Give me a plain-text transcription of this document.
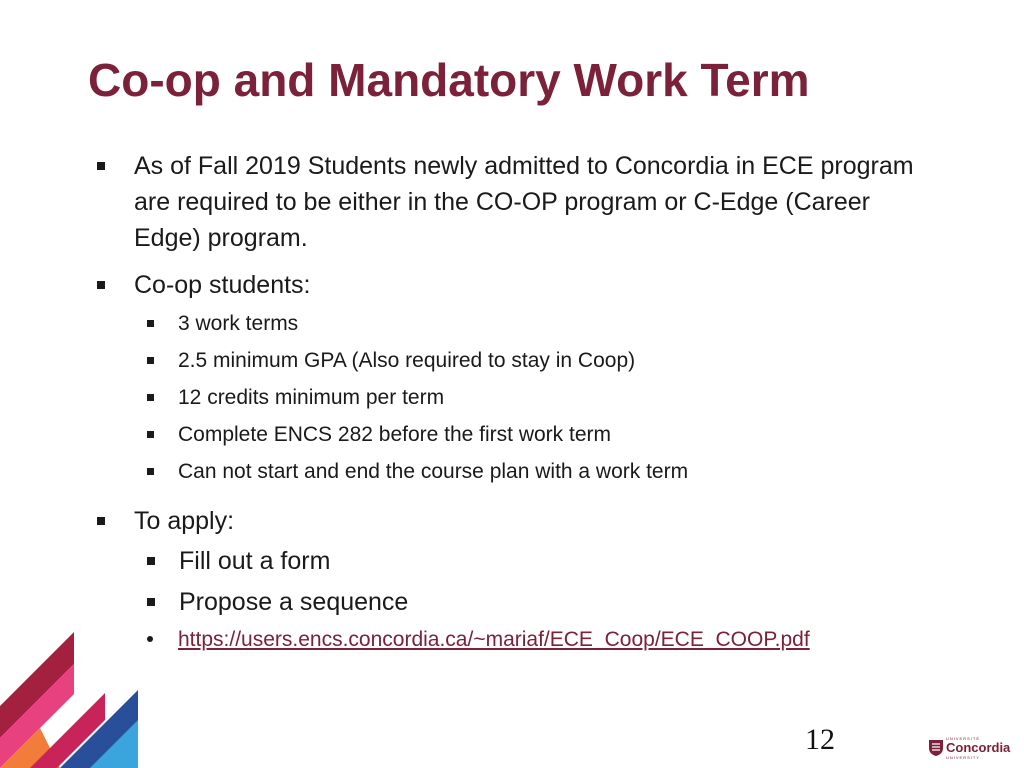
Co-op and Mandatory Work Term
As of Fall 2019 Students newly admitted to Concordia in ECE program are required to be either in the CO-OP program or C-Edge (Career Edge) program.
Co-op students:
3 work terms
2.5 minimum GPA (Also required to stay in Coop)
12 credits minimum per term
Complete ENCS 282 before the first work term
Can not start and end the course plan with a work term
To apply:
Fill out a form
Propose a sequence
https://users.encs.concordia.ca/~mariaf/ECE_Coop/ECE_COOP.pdf
12	UNIVERSITÉ
Concordia
UNIVERSITY
